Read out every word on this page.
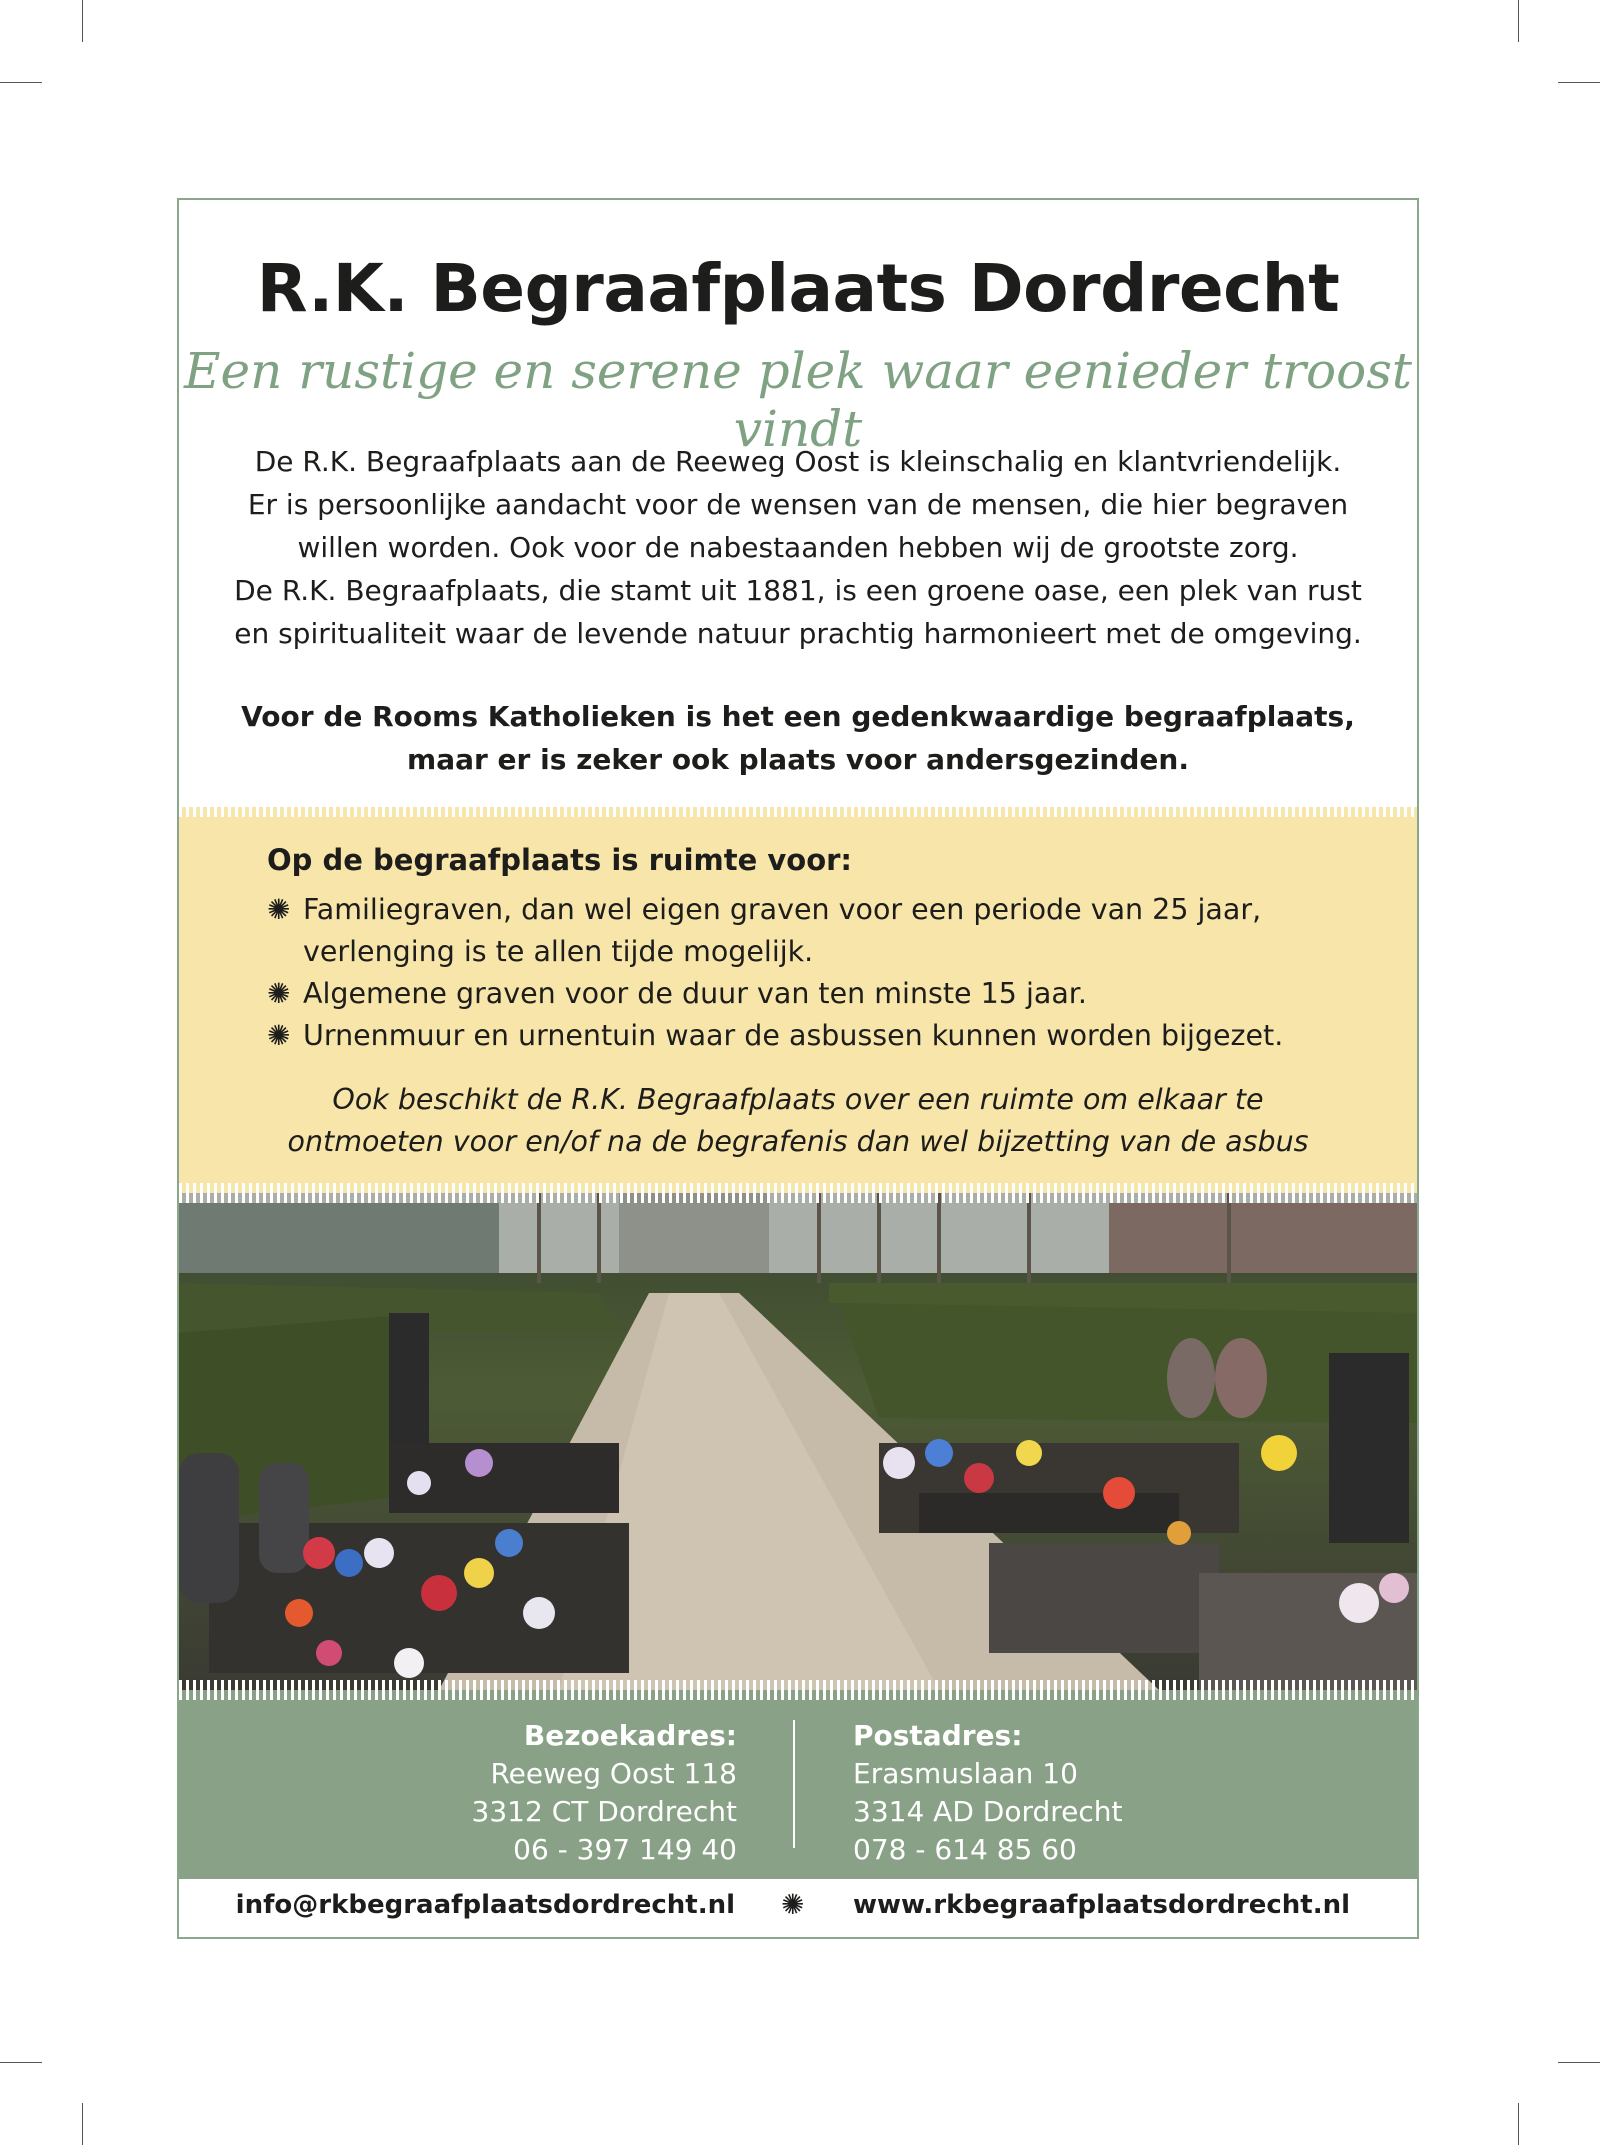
R.K. Begraafplaats Dordrecht
Een rustige en serene plek waar eenieder troost vindt
De R.K. Begraafplaats aan de Reeweg Oost is kleinschalig en klantvriendelijk.
Er is persoonlijke aandacht voor de wensen van de mensen, die hier begraven
willen worden. Ook voor de nabestaanden hebben wij de grootste zorg.
De R.K. Begraafplaats, die stamt uit 1881, is een groene oase, een plek van rust
en spiritualiteit waar de levende natuur prachtig harmonieert met de omgeving.
Voor de Rooms Katholieken is het een gedenkwaardige begraafplaats,
maar er is zeker ook plaats voor andersgezinden.
Op de begraafplaats is ruimte voor:
✺ Familiegraven, dan wel eigen graven voor een periode van 25 jaar,
verlenging is te allen tijde mogelijk.
✺ Algemene graven voor de duur van ten minste 15 jaar.
✺ Urnenmuur en urnentuin waar de asbussen kunnen worden bijgezet.
Ook beschikt de R.K. Begraafplaats over een ruimte om elkaar te
ontmoeten voor en/of na de begrafenis dan wel bijzetting van de asbus
Bezoekadres:
Reeweg Oost 118
3312 CT Dordrecht
06 - 397 149 40
Postadres:
Erasmuslaan 10
3314 AD Dordrecht
078 - 614 85 60
info@rkbegraafplaatsdordrecht.nl ✺ www.rkbegraafplaatsdordrecht.nl
